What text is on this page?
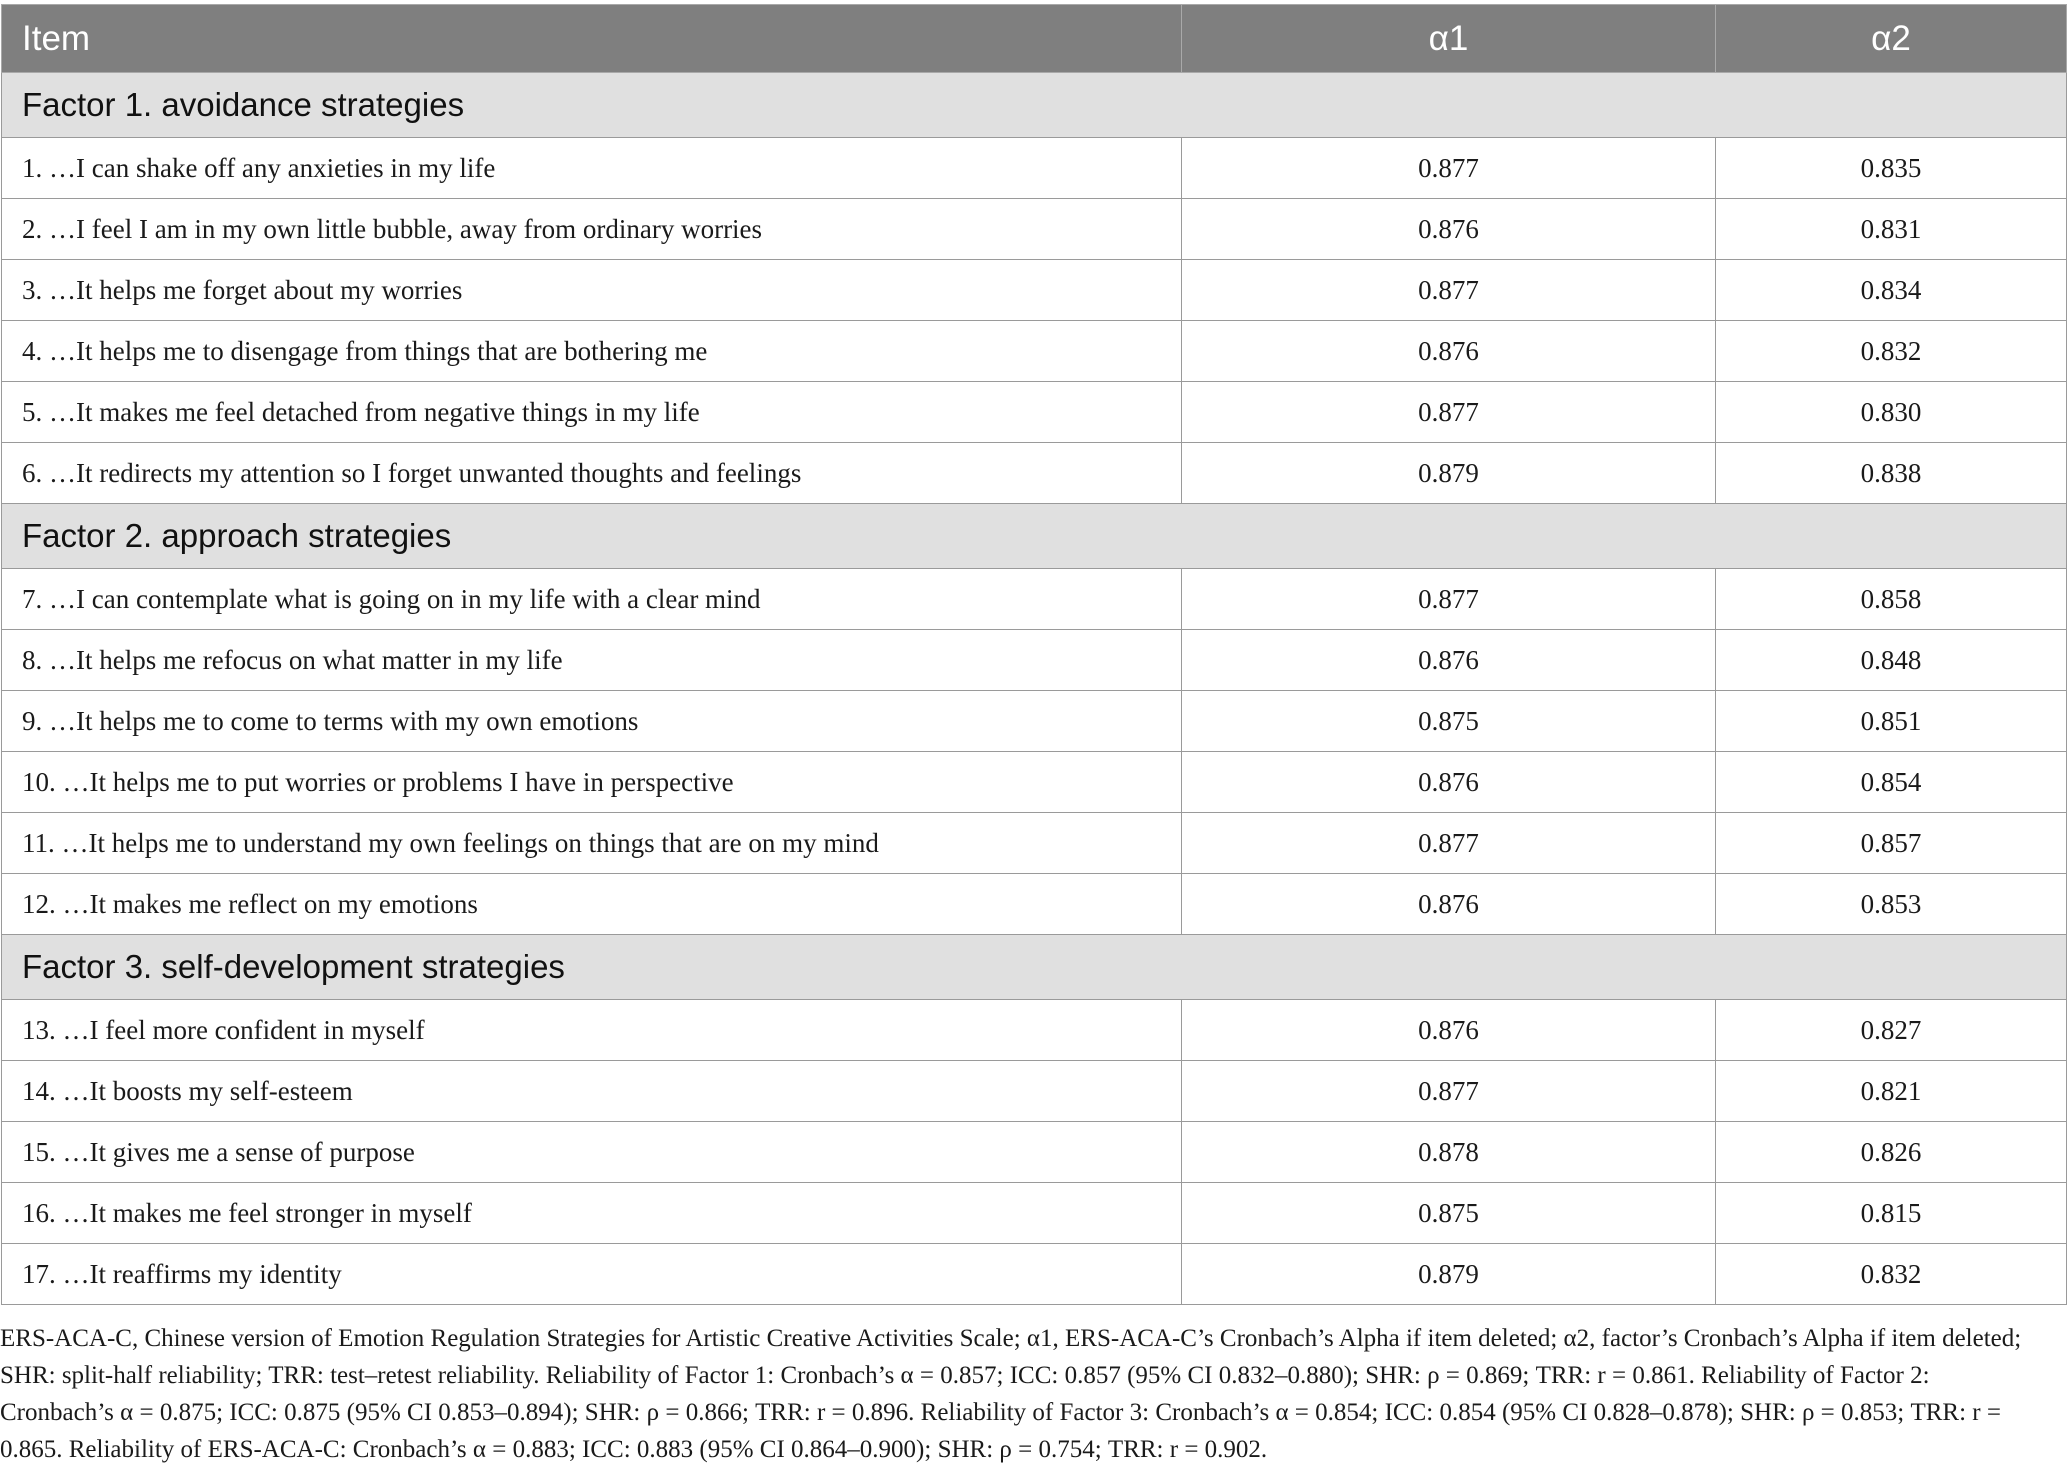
Item	α1	α2
Factor 1. avoidance strategies		
1. …I can shake off any anxieties in my life	0.877	0.835
2. …I feel I am in my own little bubble, away from ordinary worries	0.876	0.831
3. …It helps me forget about my worries	0.877	0.834
4. …It helps me to disengage from things that are bothering me	0.876	0.832
5. …It makes me feel detached from negative things in my life	0.877	0.830
6. …It redirects my attention so I forget unwanted thoughts and feelings	0.879	0.838
Factor 2. approach strategies		
7. …I can contemplate what is going on in my life with a clear mind	0.877	0.858
8. …It helps me refocus on what matter in my life	0.876	0.848
9. …It helps me to come to terms with my own emotions	0.875	0.851
10. …It helps me to put worries or problems I have in perspective	0.876	0.854
11. …It helps me to understand my own feelings on things that are on my mind	0.877	0.857
12. …It makes me reflect on my emotions	0.876	0.853
Factor 3. self-development strategies		
13. …I feel more confident in myself	0.876	0.827
14. …It boosts my self-esteem	0.877	0.821
15. …It gives me a sense of purpose	0.878	0.826
16. …It makes me feel stronger in myself	0.875	0.815
17. …It reaffirms my identity	0.879	0.832
ERS-ACA-C, Chinese version of Emotion Regulation Strategies for Artistic Creative Activities Scale; α1, ERS-ACA-C’s Cronbach’s Alpha if item deleted; α2, factor’s Cronbach’s Alpha if item deleted; SHR: split-half reliability; TRR: test–retest reliability. Reliability of Factor 1: Cronbach’s α = 0.857; ICC: 0.857 (95% CI 0.832–0.880); SHR: ρ = 0.869; TRR: r = 0.861. Reliability of Factor 2: Cronbach’s α = 0.875; ICC: 0.875 (95% CI 0.853–0.894); SHR: ρ = 0.866; TRR: r = 0.896. Reliability of Factor 3: Cronbach’s α = 0.854; ICC: 0.854 (95% CI 0.828–0.878); SHR: ρ = 0.853; TRR: r = 0.865. Reliability of ERS-ACA-C: Cronbach’s α = 0.883; ICC: 0.883 (95% CI 0.864–0.900); SHR: ρ = 0.754; TRR: r = 0.902.
